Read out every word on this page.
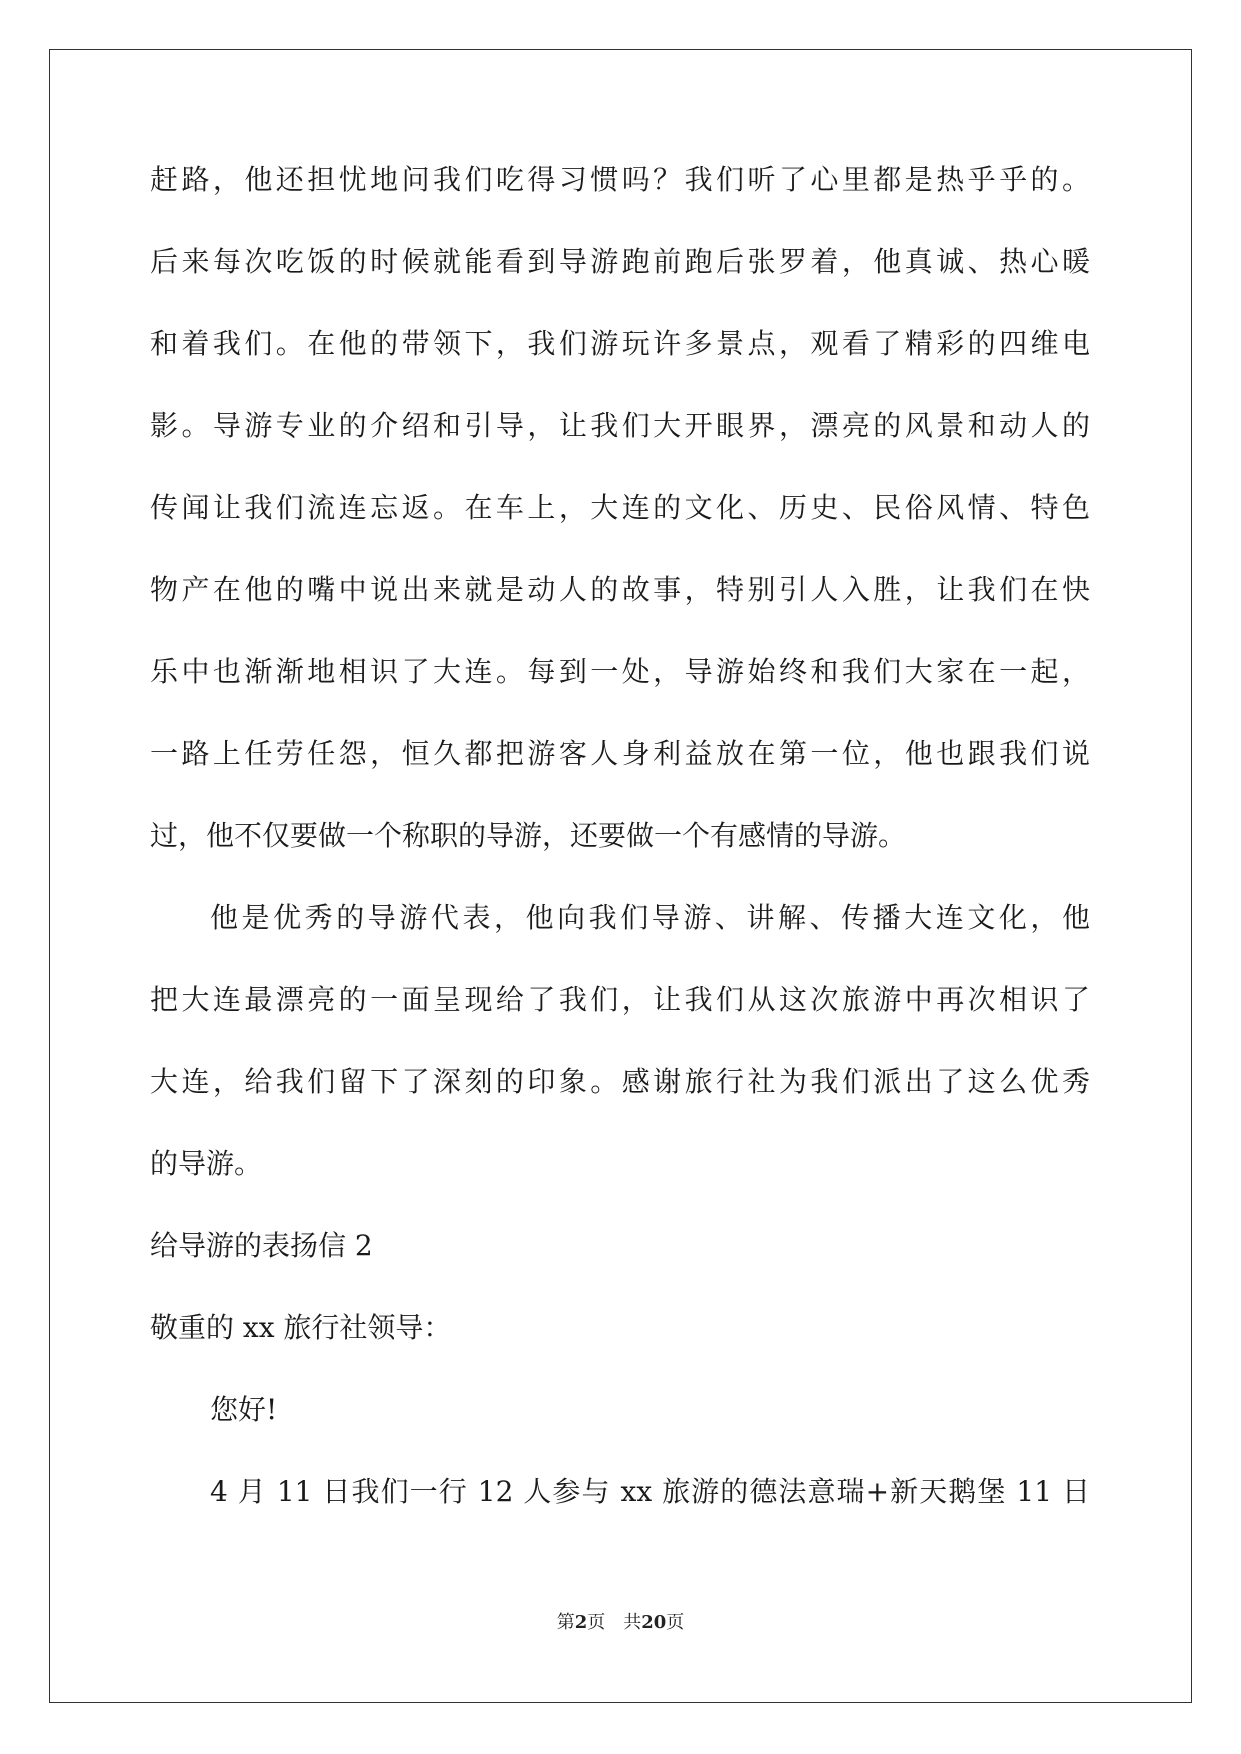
赶路，他还担忧地问我们吃得习惯吗？我们听了心里都是热乎乎的。
后来每次吃饭的时候就能看到导游跑前跑后张罗着，他真诚、热心暖
和着我们。在他的带领下，我们游玩许多景点，观看了精彩的四维电
影。导游专业的介绍和引导，让我们大开眼界，漂亮的风景和动人的
传闻让我们流连忘返。在车上，大连的文化、历史、民俗风情、特色
物产在他的嘴中说出来就是动人的故事，特别引人入胜，让我们在快
乐中也渐渐地相识了大连。每到一处，导游始终和我们大家在一起，
一路上任劳任怨，恒久都把游客人身利益放在第一位，他也跟我们说
过，他不仅要做一个称职的导游，还要做一个有感情的导游。
他是优秀的导游代表，他向我们导游、讲解、传播大连文化，他
把大连最漂亮的一面呈现给了我们，让我们从这次旅游中再次相识了
大连，给我们留下了深刻的印象。感谢旅行社为我们派出了这么优秀
的导游。
给导游的表扬信 2
敬重的 xx 旅行社领导：
您好!
4 月 11 日我们一行 12 人参与 xx 旅游的德法意瑞+新天鹅堡 11 日
第2页 共20页
